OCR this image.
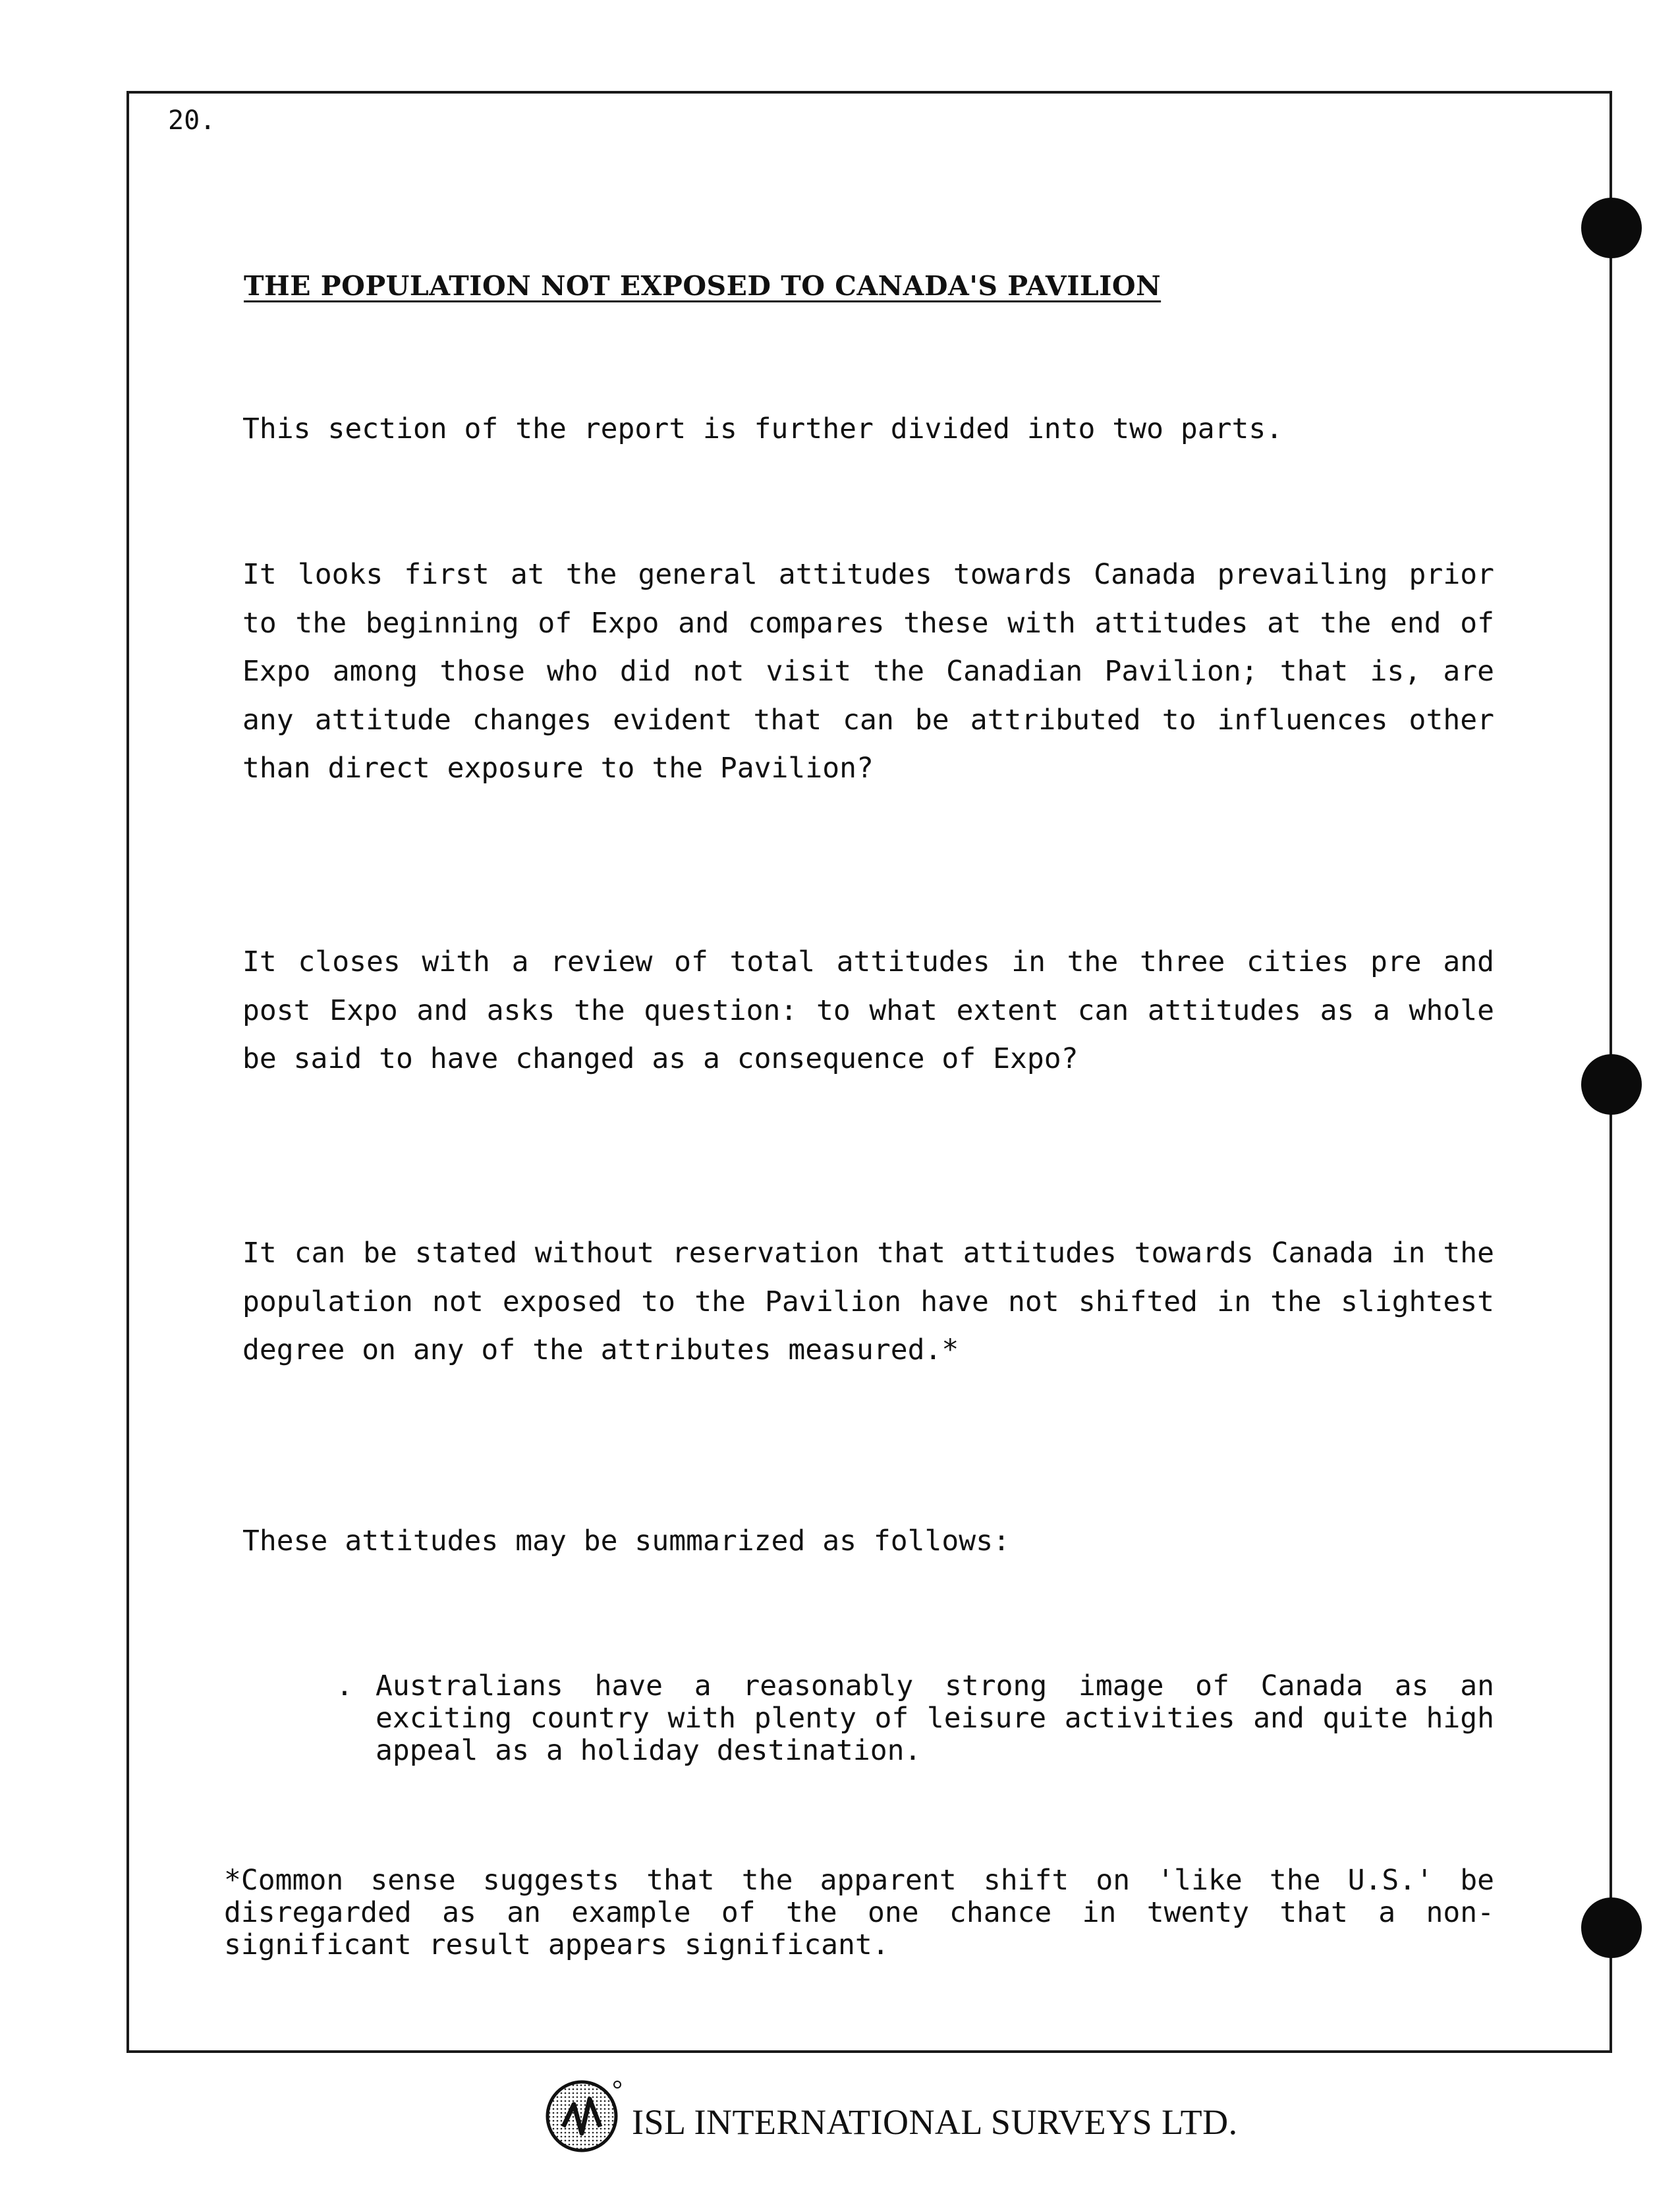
20.
THE POPULATION NOT EXPOSED TO CANADA'S PAVILION

This section of the report is further divided into two parts.

It looks first at the general attitudes towards Canada prevailing prior to the beginning of Expo and compares these with attitudes at the end of Expo among those who did not visit the Canadian Pavilion; that is, are any attitude changes evident that can be attributed to influences other than direct exposure to the Pavilion?

It closes with a review of total attitudes in the three cities pre and post Expo and asks the question: to what extent can attitudes as a whole be said to have changed as a consequence of Expo?

It can be stated without reservation that attitudes towards Canada in the population not exposed to the Pavilion have not shifted in the slightest degree on any of the attributes measured.*

These attitudes may be summarized as follows:

. Australians have a reasonably strong image of Canada as an exciting country with plenty of leisure activities and quite high appeal as a holiday destination.
*Common sense suggests that the apparent shift on 'like the U.S.' be disregarded as an example of the one chance in twenty that a non-significant result appears significant.
ISL INTERNATIONAL SURVEYS LTD.
